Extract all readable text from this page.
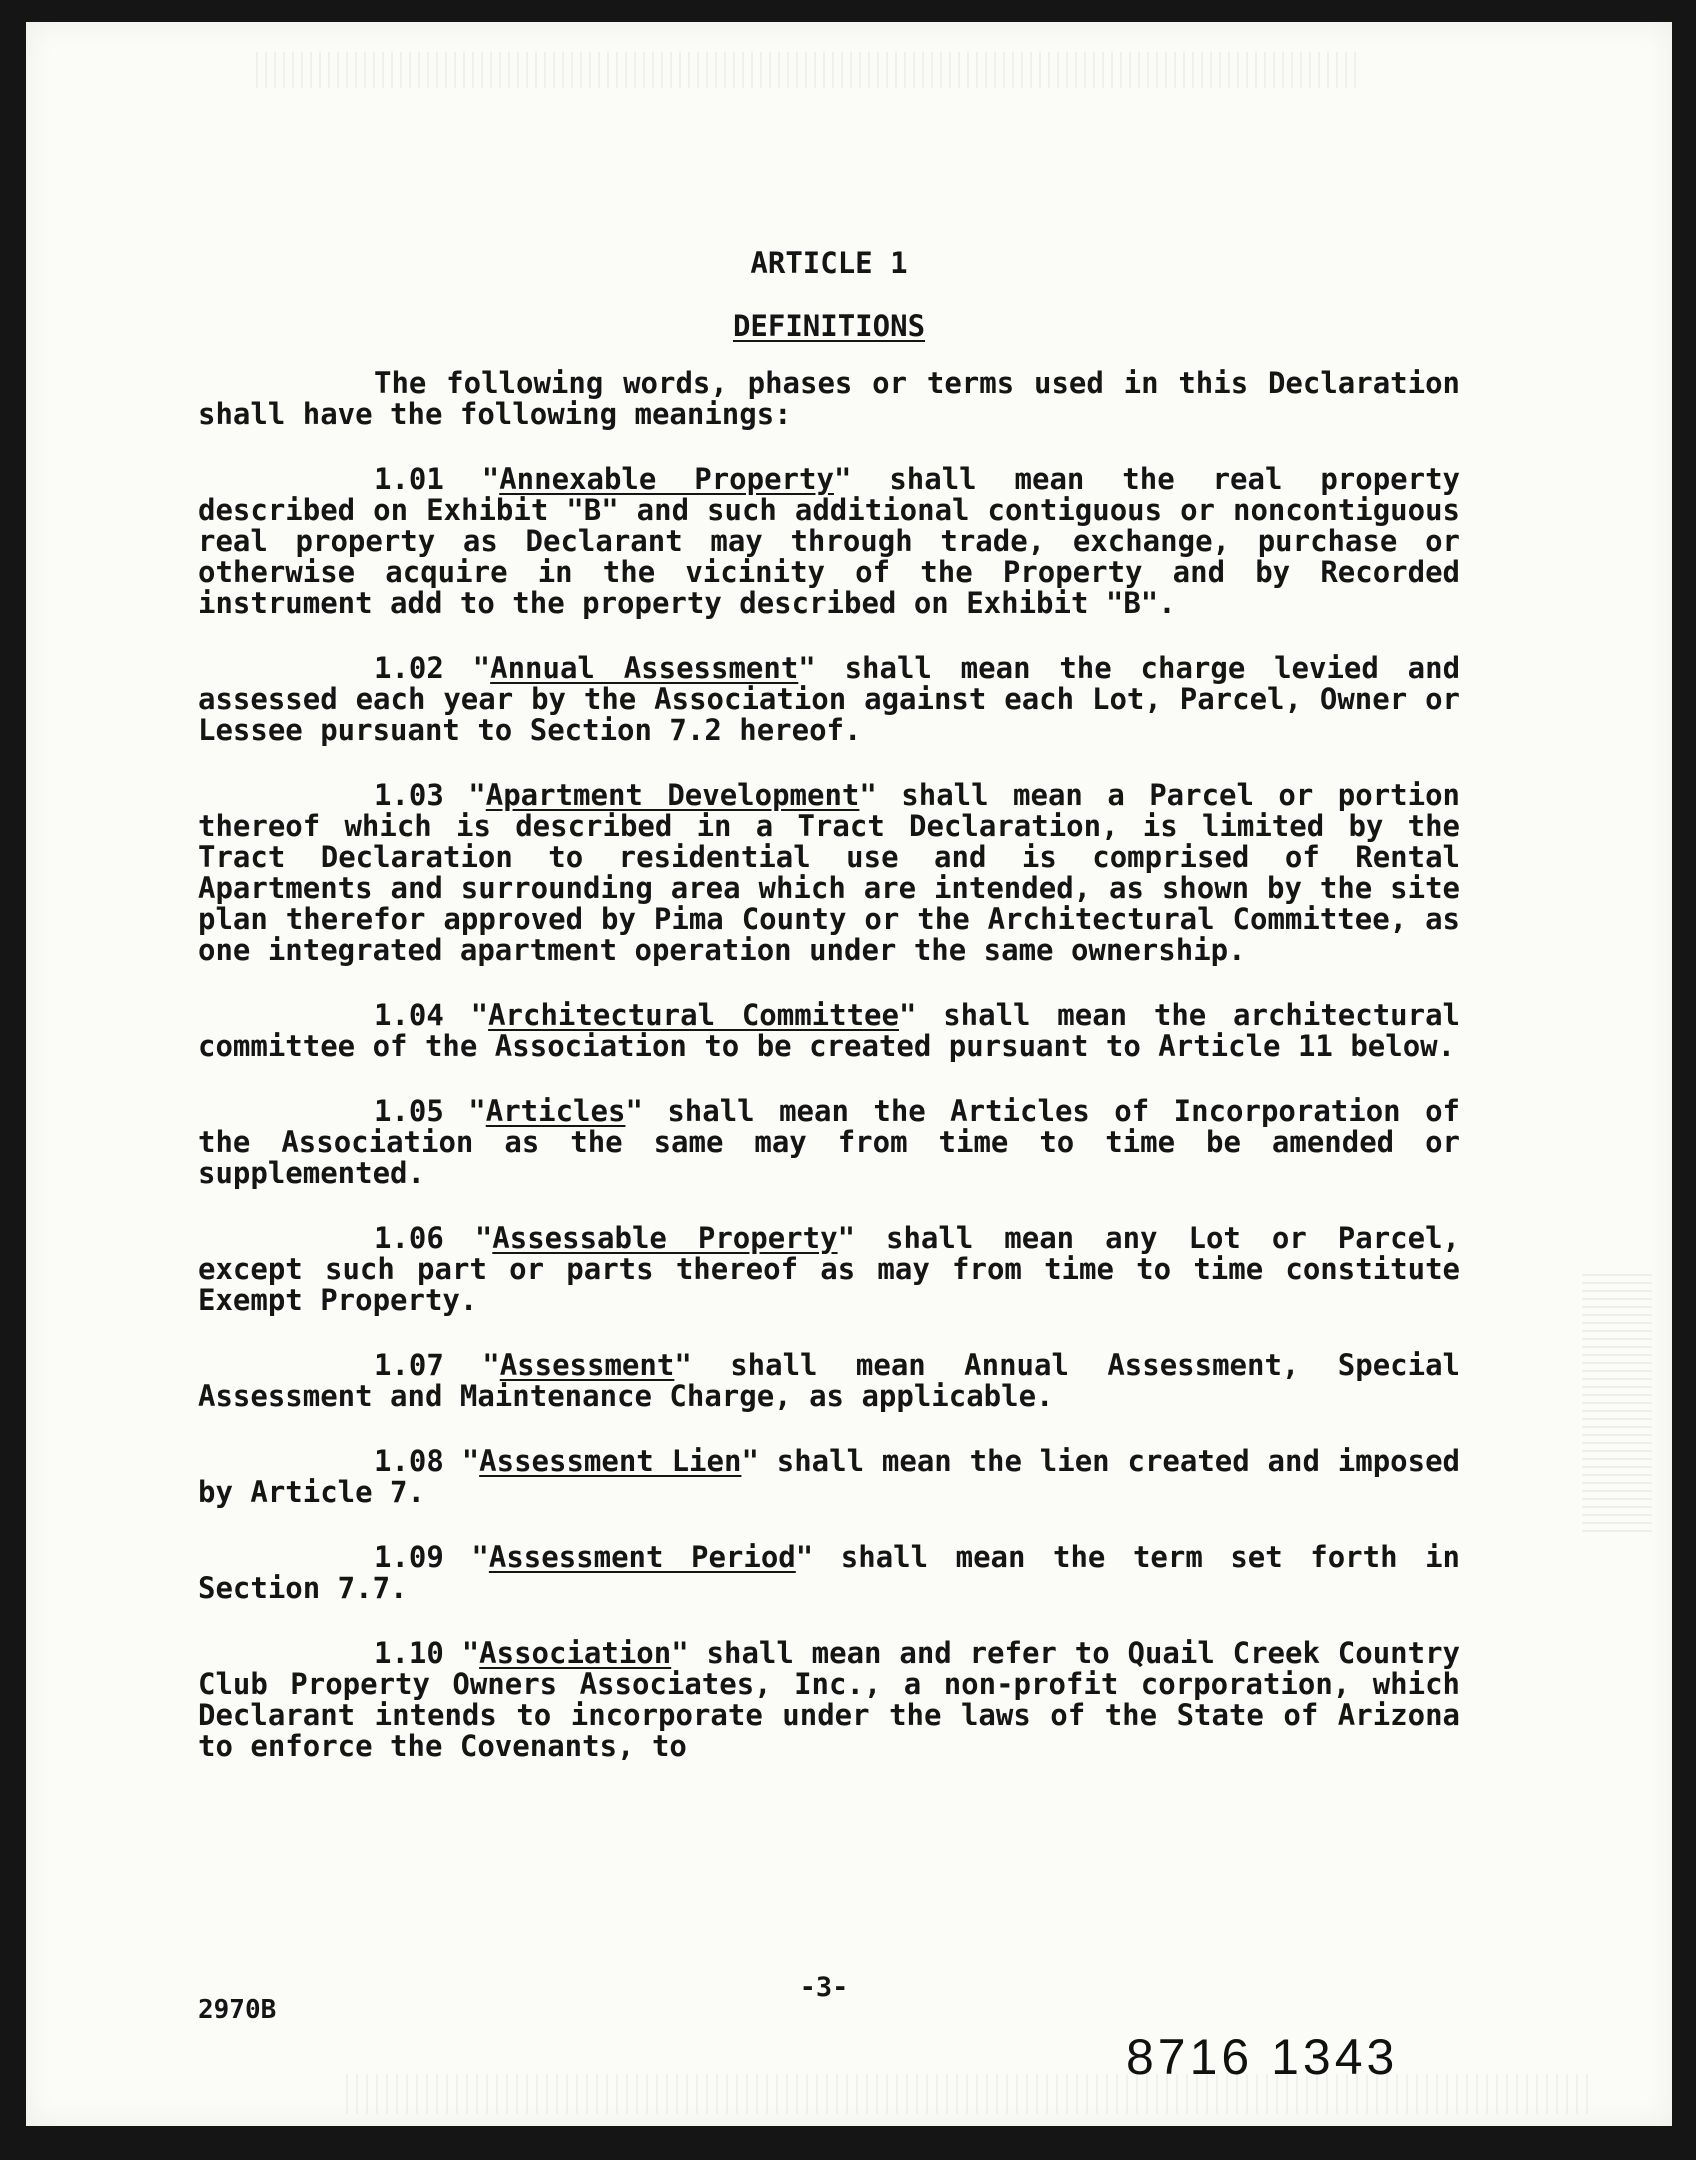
ARTICLE 1
DEFINITIONS

The following words, phases or terms used in this Declaration shall have the following meanings:

1.01 "Annexable Property" shall mean the real property described on Exhibit "B" and such additional contiguous or noncontiguous real property as Declarant may through trade, exchange, purchase or otherwise acquire in the vicinity of the Property and by Recorded instrument add to the property described on Exhibit "B".

1.02 "Annual Assessment" shall mean the charge levied and assessed each year by the Association against each Lot, Parcel, Owner or Lessee pursuant to Section 7.2 hereof.

1.03 "Apartment Development" shall mean a Parcel or portion thereof which is described in a Tract Declaration, is limited by the Tract Declaration to residential use and is comprised of Rental Apartments and surrounding area which are intended, as shown by the site plan therefor approved by Pima County or the Architectural Committee, as one integrated apartment operation under the same ownership.

1.04 "Architectural Committee" shall mean the architectural committee of the Association to be created pursuant to Article 11 below.

1.05 "Articles" shall mean the Articles of Incorporation of the Association as the same may from time to time be amended or supplemented.

1.06 "Assessable Property" shall mean any Lot or Parcel, except such part or parts thereof as may from time to time constitute Exempt Property.

1.07 "Assessment" shall mean Annual Assessment, Special Assessment and Maintenance Charge, as applicable.

1.08 "Assessment Lien" shall mean the lien created and imposed by Article 7.

1.09 "Assessment Period" shall mean the term set forth in Section 7.7.

1.10 "Association" shall mean and refer to Quail Creek Country Club Property Owners Associates, Inc., a non-profit corporation, which Declarant intends to incorporate under the laws of the State of Arizona to enforce the Covenants, to

2970B
-3-
8716 1343
